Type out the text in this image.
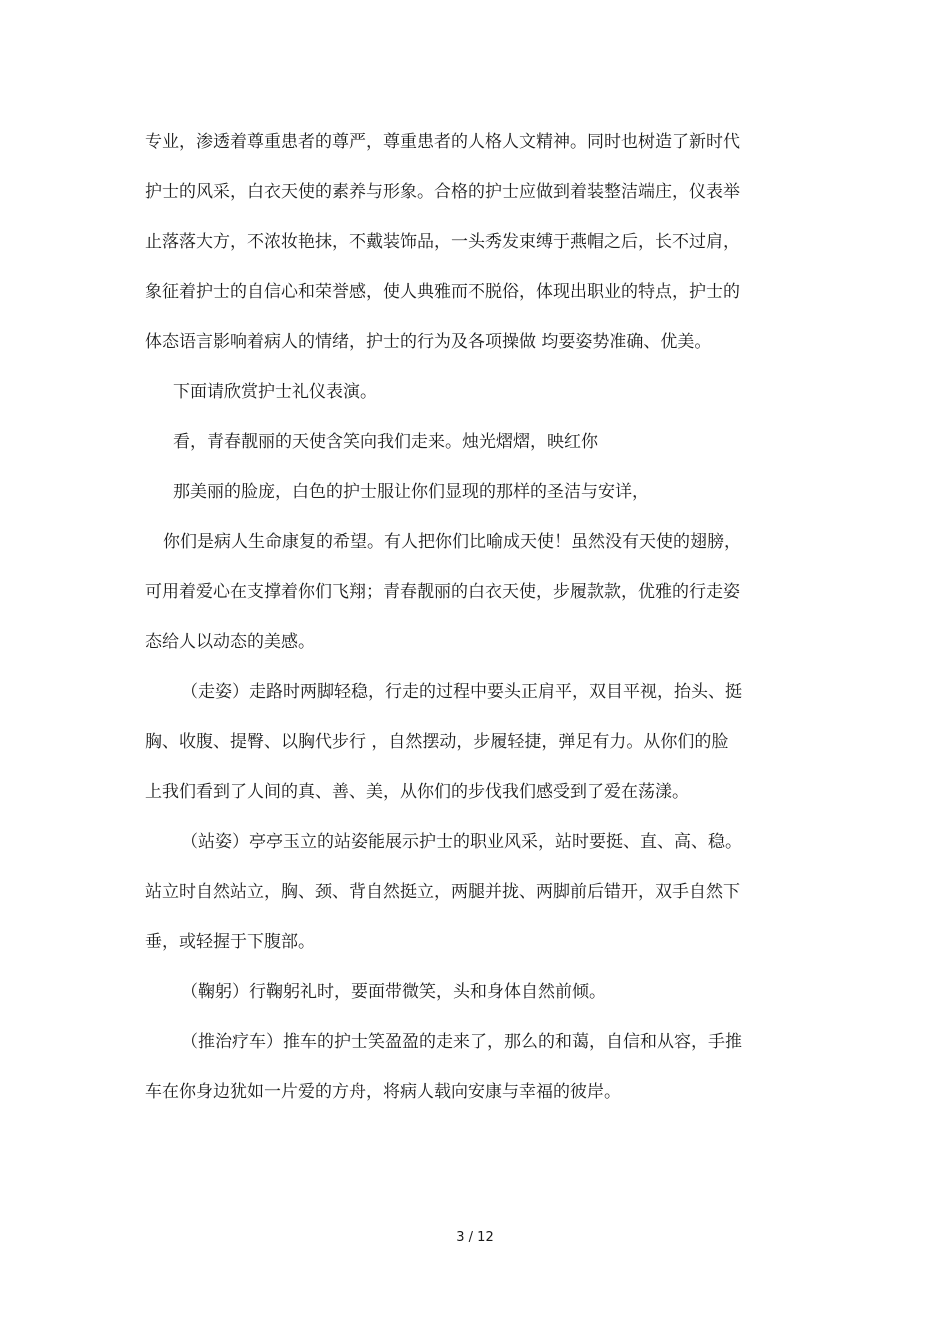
专业，渗透着尊重患者的尊严，尊重患者的人格人文精神。同时也树造了新时代
护士的风采，白衣天使的素养与形象。合格的护士应做到着装整洁端庄，仪表举
止落落大方，不浓妆艳抹，不戴装饰品，一头秀发束缚于燕帽之后，长不过肩，
象征着护士的自信心和荣誉感，使人典雅而不脱俗，体现出职业的特点，护士的
体态语言影响着病人的情绪，护士的行为及各项操做 均要姿势准确、优美。
下面请欣赏护士礼仪表演。
看，青春靓丽的天使含笑向我们走来。烛光熠熠，映红你
那美丽的脸庞，白色的护士服让你们显现的那样的圣洁与安详，
你们是病人生命康复的希望。有人把你们比喻成天使！虽然没有天使的翅膀，
可用着爱心在支撑着你们飞翔；青春靓丽的白衣天使，步履款款，优雅的行走姿
态给人以动态的美感。
（走姿）走路时两脚轻稳，行走的过程中要头正肩平，双目平视，抬头、挺
胸、收腹、提臀、以胸代步行 ，自然摆动，步履轻捷，弹足有力。从你们的脸
上我们看到了人间的真、善、美，从你们的步伐我们感受到了爱在荡漾。
（站姿）亭亭玉立的站姿能展示护士的职业风采，站时要挺、直、高、稳。
站立时自然站立，胸、颈、背自然挺立，两腿并拢、两脚前后错开，双手自然下
垂，或轻握于下腹部。
（鞠躬）行鞠躬礼时，要面带微笑，头和身体自然前倾。
（推治疗车）推车的护士笑盈盈的走来了，那么的和蔼，自信和从容，手推
车在你身边犹如一片爱的方舟，将病人载向安康与幸福的彼岸。
3 / 12
